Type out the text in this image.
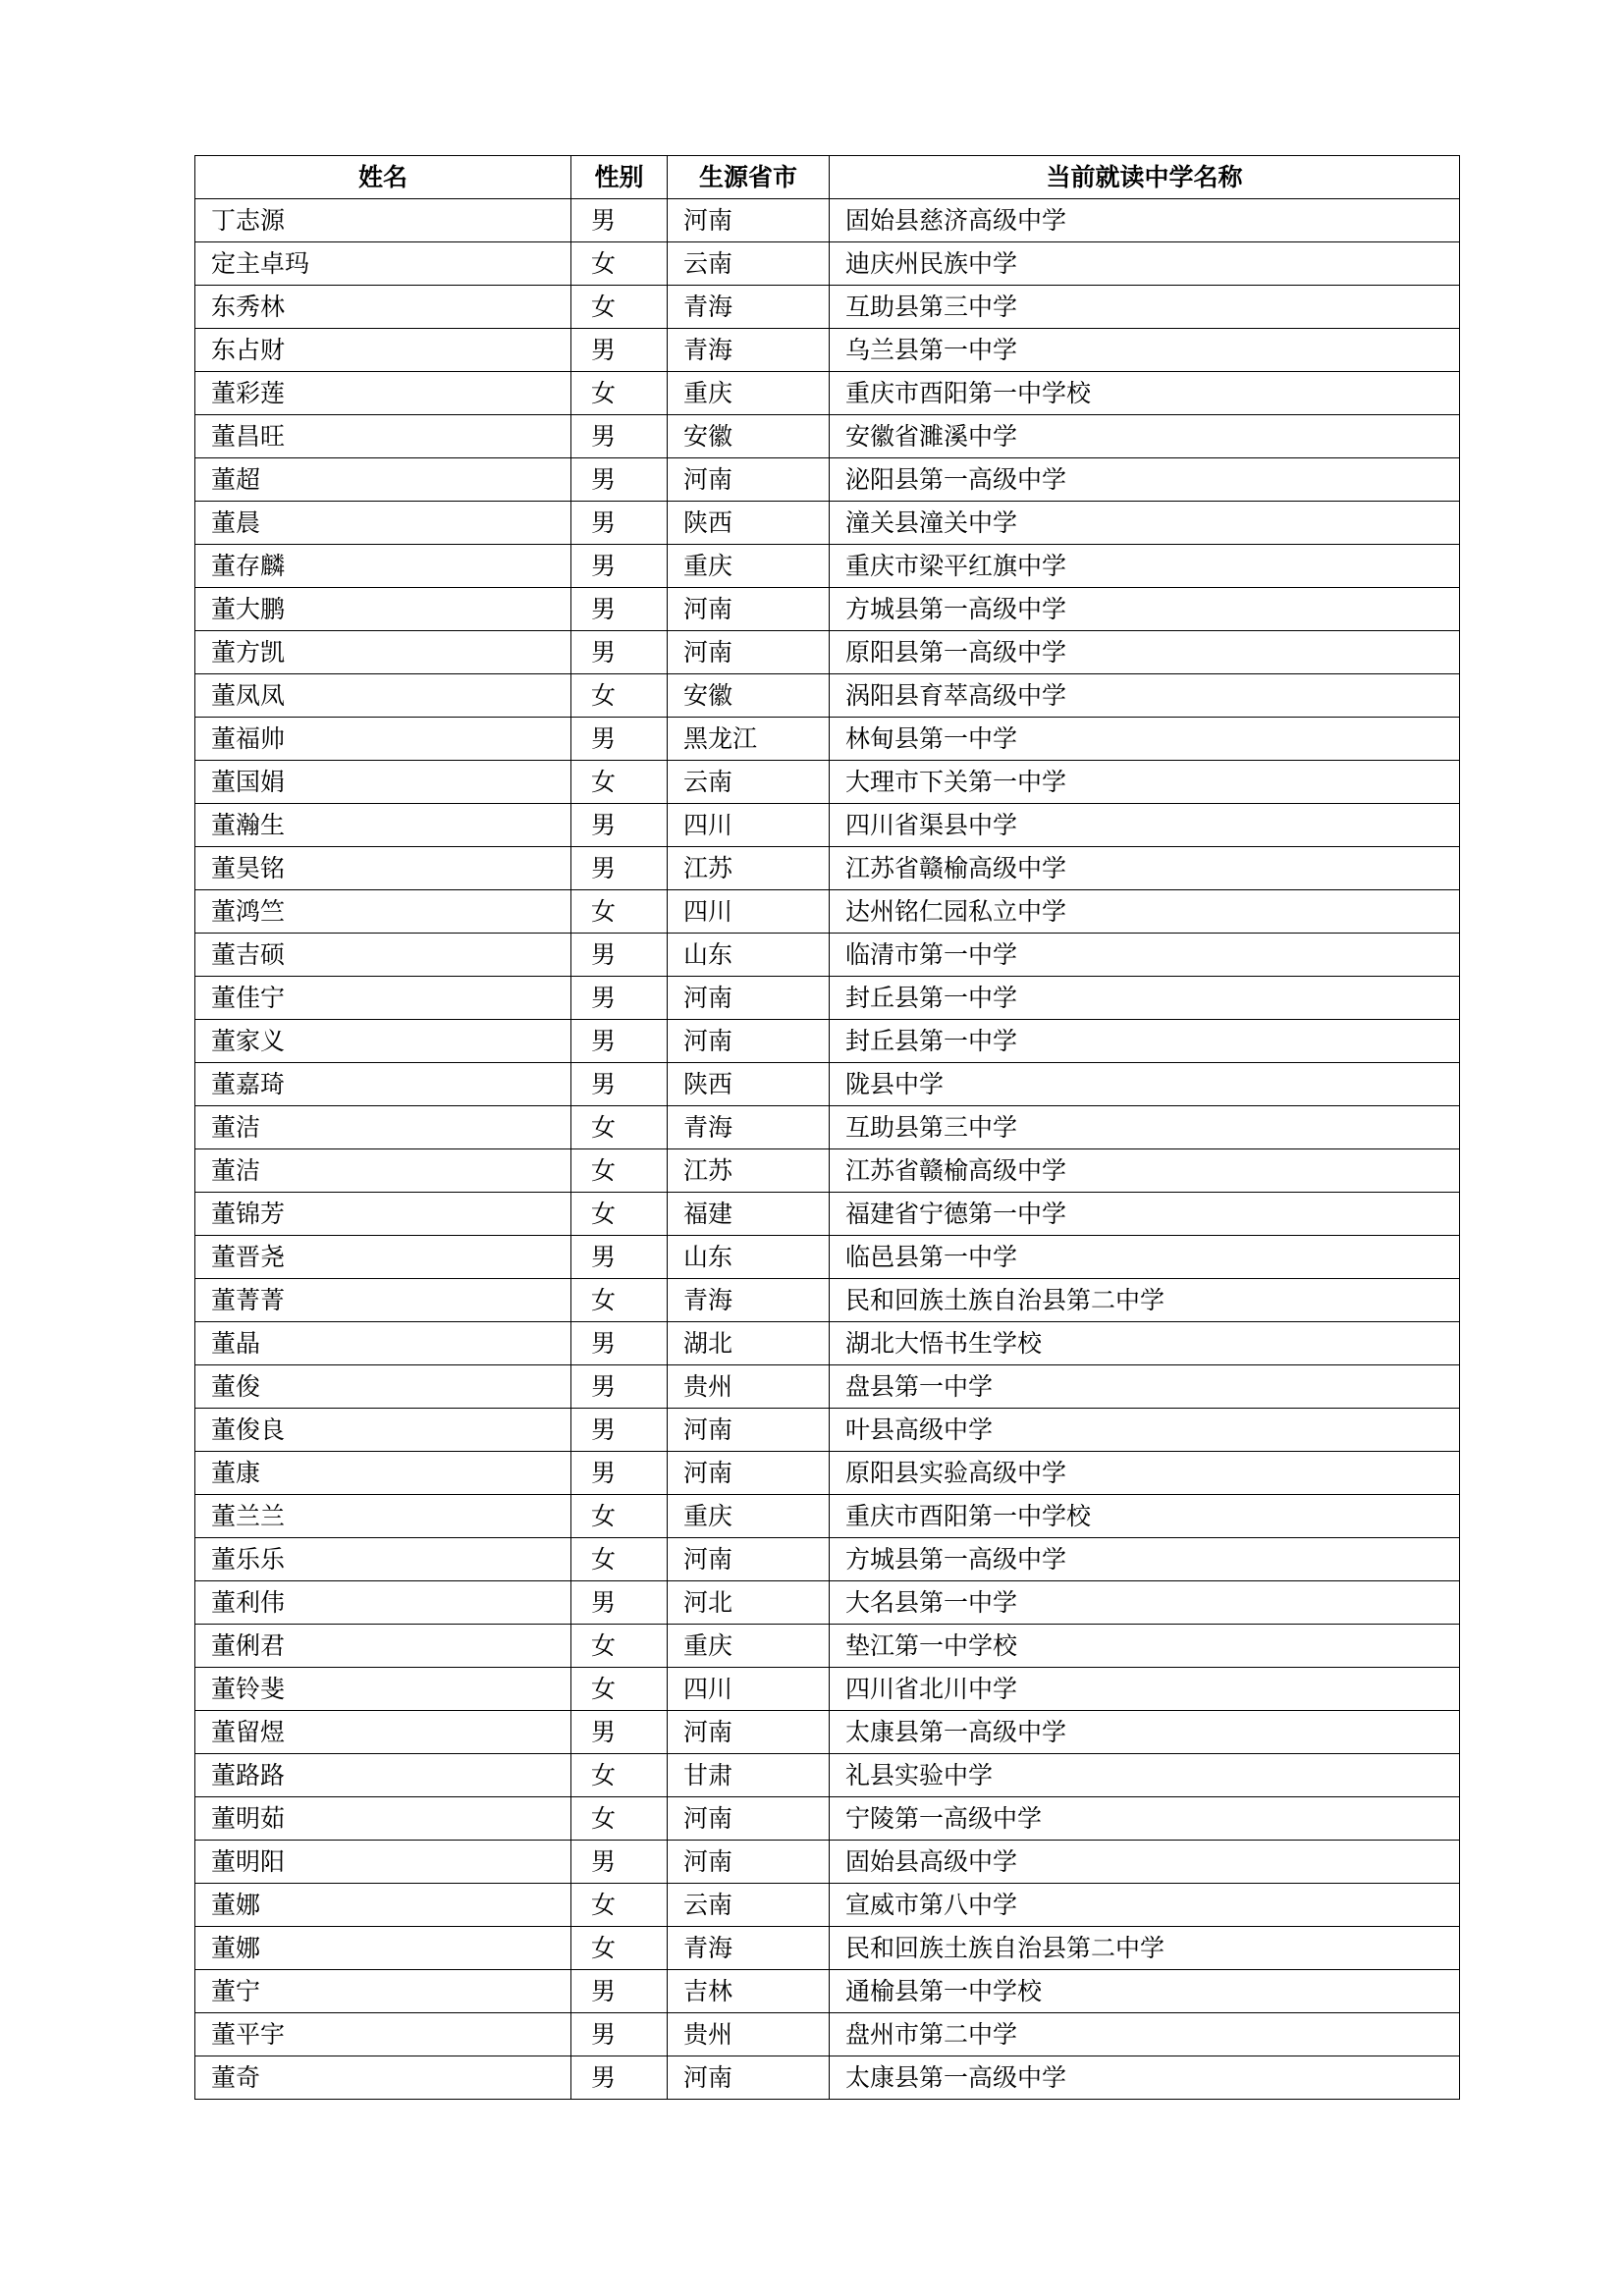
姓名	性别	生源省市	当前就读中学名称
丁志源	男	河南	固始县慈济高级中学
定主卓玛	女	云南	迪庆州民族中学
东秀林	女	青海	互助县第三中学
东占财	男	青海	乌兰县第一中学
董彩莲	女	重庆	重庆市酉阳第一中学校
董昌旺	男	安徽	安徽省濉溪中学
董超	男	河南	泌阳县第一高级中学
董晨	男	陕西	潼关县潼关中学
董存麟	男	重庆	重庆市梁平红旗中学
董大鹏	男	河南	方城县第一高级中学
董方凯	男	河南	原阳县第一高级中学
董凤凤	女	安徽	涡阳县育萃高级中学
董福帅	男	黑龙江	林甸县第一中学
董国娟	女	云南	大理市下关第一中学
董瀚生	男	四川	四川省渠县中学
董昊铭	男	江苏	江苏省赣榆高级中学
董鸿竺	女	四川	达州铭仁园私立中学
董吉硕	男	山东	临清市第一中学
董佳宁	男	河南	封丘县第一中学
董家义	男	河南	封丘县第一中学
董嘉琦	男	陕西	陇县中学
董洁	女	青海	互助县第三中学
董洁	女	江苏	江苏省赣榆高级中学
董锦芳	女	福建	福建省宁德第一中学
董晋尧	男	山东	临邑县第一中学
董菁菁	女	青海	民和回族土族自治县第二中学
董晶	男	湖北	湖北大悟书生学校
董俊	男	贵州	盘县第一中学
董俊良	男	河南	叶县高级中学
董康	男	河南	原阳县实验高级中学
董兰兰	女	重庆	重庆市酉阳第一中学校
董乐乐	女	河南	方城县第一高级中学
董利伟	男	河北	大名县第一中学
董俐君	女	重庆	垫江第一中学校
董铃斐	女	四川	四川省北川中学
董留煜	男	河南	太康县第一高级中学
董路路	女	甘肃	礼县实验中学
董明茹	女	河南	宁陵第一高级中学
董明阳	男	河南	固始县高级中学
董娜	女	云南	宣威市第八中学
董娜	女	青海	民和回族土族自治县第二中学
董宁	男	吉林	通榆县第一中学校
董平宇	男	贵州	盘州市第二中学
董奇	男	河南	太康县第一高级中学
